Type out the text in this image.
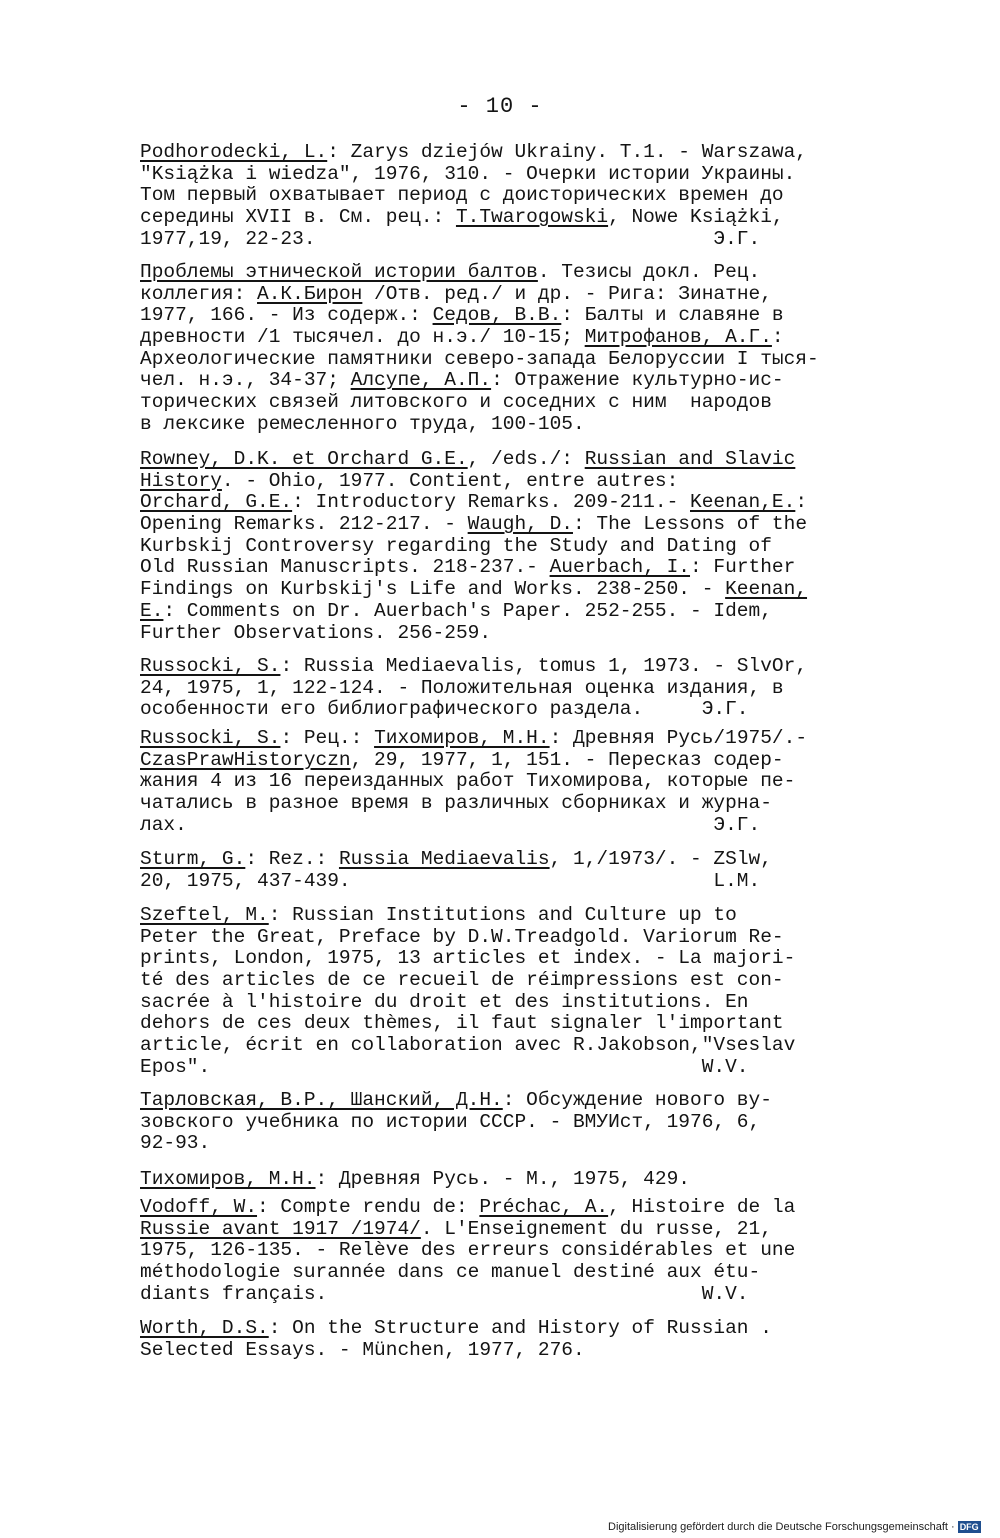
- 10 -
Podhorodecki, L.: Zarys dziejów Ukrainy. T.1. - Warszawa,
"Książka i wiedza", 1976, 310. - Очерки истории Украины.
Том первый охватывает период с доисторических времен до
середины XVII в. См. рец.: T.Twarogowski, Nowe Książki,
1977,19, 22-23.                                  Э.Г.
Проблемы этнической истории балтов. Тезисы докл. Рец.
коллегия: А.К.Бирон /Отв. ред./ и др. - Рига: Зинатне,
1977, 166. - Из содерж.: Седов, В.В.: Балты и славяне в
древности /1 тысячел. до н.э./ 10-15; Митрофанов, А.Г.:
Археологические памятники северо-запада Белоруссии I тыся-
чел. н.э., 34-37; Алсупе, А.П.: Отражение культурно-ис-
торических связей литовского и соседних с ним  народов
в лексике ремесленного труда, 100-105.
Rowney, D.K. et Orchard G.E., /eds./: Russian and Slavic
History. - Ohio, 1977. Contient, entre autres:
Orchard, G.E.: Introductory Remarks. 209-211.- Keenan,E.:
Opening Remarks. 212-217. - Waugh, D.: The Lessons of the
Kurbskij Controversy regarding the Study and Dating of
Old Russian Manuscripts. 218-237.- Auerbach, I.: Further
Findings on Kurbskij's Life and Works. 238-250. - Keenan,
E.: Comments on Dr. Auerbach's Paper. 252-255. - Idem,
Further Observations. 256-259.
Russocki, S.: Russia Mediaevalis, tomus 1, 1973. - SlvOr,
24, 1975, 1, 122-124. - Положительная оценка издания, в
особенности его библиографического раздела.     Э.Г.
Russocki, S.: Рец.: Тихомиров, М.Н.: Древняя Русь/1975/.-
CzasPrawHistoryczn, 29, 1977, 1, 151. - Пересказ содер-
жания 4 из 16 переизданных работ Тихомирова, которые пе-
чатались в разное время в различных сборниках и журна-
лах.                                             Э.Г.
Sturm, G.: Rez.: Russia Mediaevalis, 1,/1973/. - ZSlw,
20, 1975, 437-439.                               L.M.
Szeftel, M.: Russian Institutions and Culture up to
Peter the Great, Preface by D.W.Treadgold. Variorum Re-
prints, London, 1975, 13 articles et index. - La majori-
té des articles de ce recueil de réimpressions est con-
sacrée à l'histoire du droit et des institutions. En
dehors de ces deux thèmes, il faut signaler l'important
article, écrit en collaboration avec R.Jakobson,"Vseslav
Epos".                                          W.V.
Тарловская, В.Р., Шанский, Д.Н.: Обсуждение нового ву-
зовского учебника по истории СССР. - ВМУИст, 1976, 6,
92-93.
Тихомиров, М.Н.: Древняя Русь. - М., 1975, 429.
Vodoff, W.: Compte rendu de: Préchac, A., Histoire de la
Russie avant 1917 /1974/. L'Enseignement du russe, 21,
1975, 126-135. - Relève des erreurs considérables et une
méthodologie surannée dans ce manuel destiné aux étu-
diants français.                                W.V.
Worth, D.S.: On the Structure and History of Russian .
Selected Essays. - München, 1977, 276.
Digitalisierung gefördert durch die Deutsche Forschungsgemeinschaft · DFG
